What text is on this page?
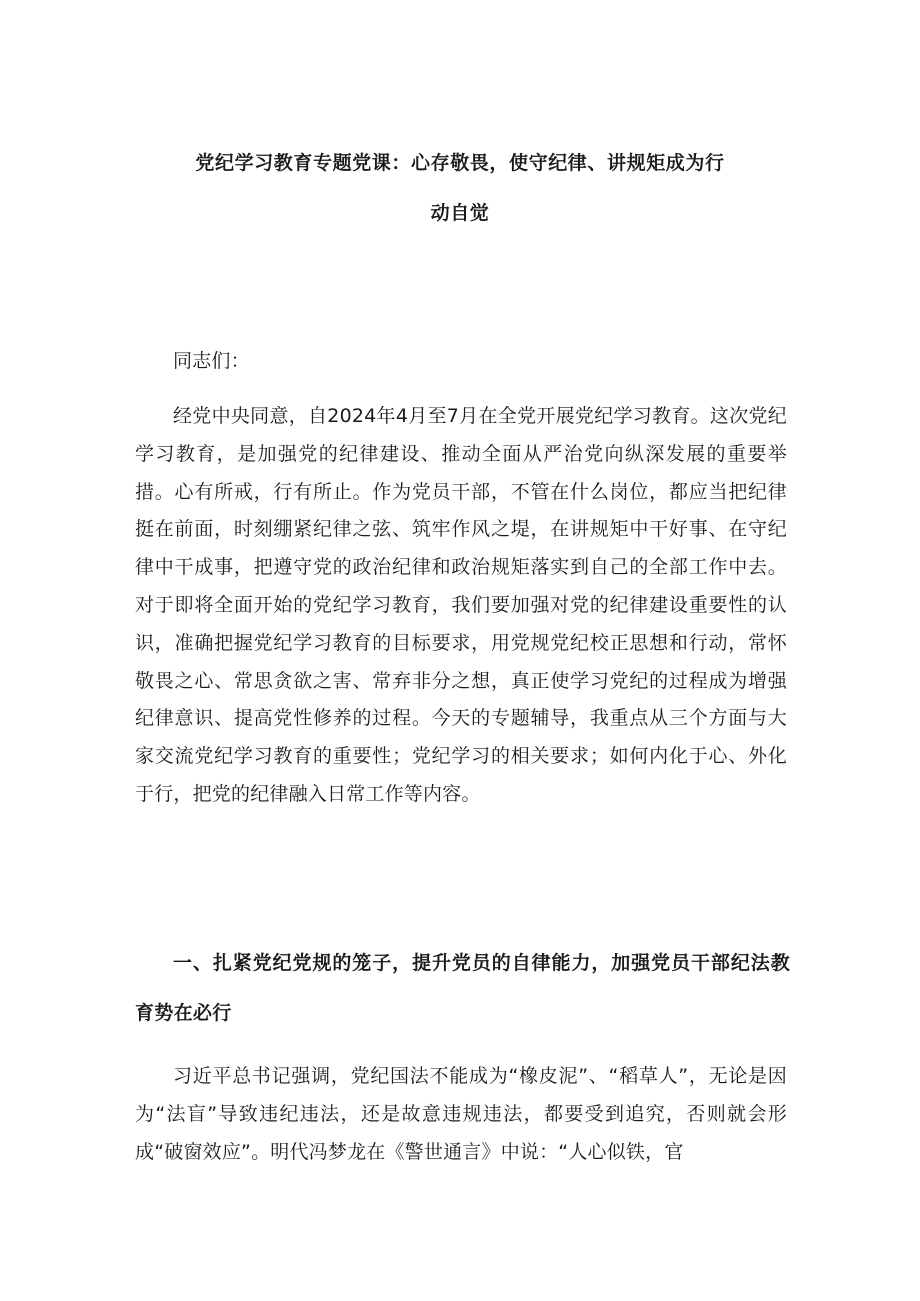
党纪学习教育专题党课：心存敬畏，使守纪律、讲规矩成为行
动自觉

同志们：

经党中央同意，自2024年4月至7月在全党开展党纪学习教育。这次党纪学习教育，是加强党的纪律建设、推动全面从严治党向纵深发展的重要举措。心有所戒，行有所止。作为党员干部，不管在什么岗位，都应当把纪律挺在前面，时刻绷紧纪律之弦、筑牢作风之堤，在讲规矩中干好事、在守纪律中干成事，把遵守党的政治纪律和政治规矩落实到自己的全部工作中去。对于即将全面开始的党纪学习教育，我们要加强对党的纪律建设重要性的认识，准确把握党纪学习教育的目标要求，用党规党纪校正思想和行动，常怀敬畏之心、常思贪欲之害、常弃非分之想，真正使学习党纪的过程成为增强纪律意识、提高党性修养的过程。今天的专题辅导，我重点从三个方面与大家交流党纪学习教育的重要性；党纪学习的相关要求；如何内化于心、外化于行，把党的纪律融入日常工作等内容。

一、扎紧党纪党规的笼子，提升党员的自律能力，加强党员干部纪法教育势在必行

习近平总书记强调，党纪国法不能成为“橡皮泥”、“稻草人”，无论是因为“法盲”导致违纪违法，还是故意违规违法，都要受到追究，否则就会形成“破窗效应”。明代冯梦龙在《警世通言》中说：“人心似铁，官
